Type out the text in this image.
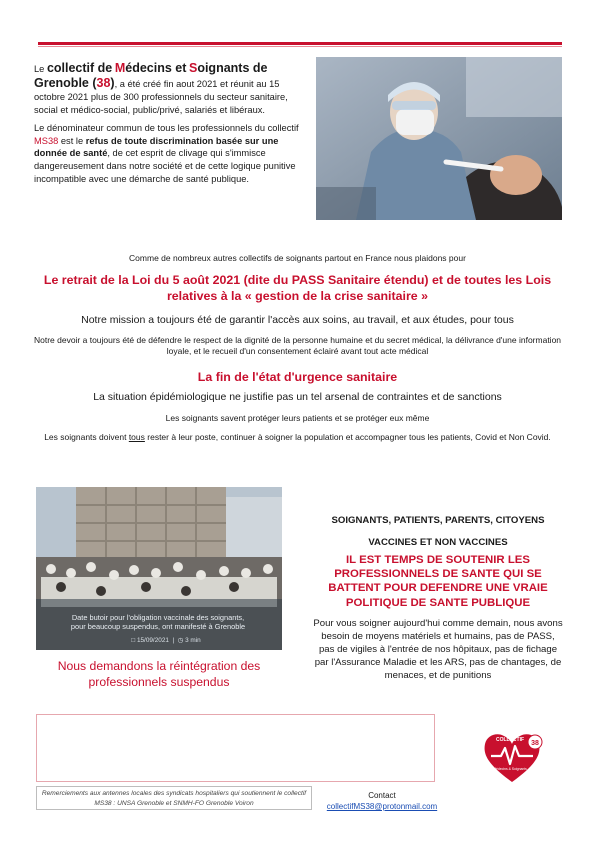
Le collectif de Médecins et Soignants de Grenoble (38), a été créé fin aout 2021 et réunit au 15 octobre 2021 plus de 300 professionnels du secteur sanitaire, social et médico-social, public/privé, salariés et libéraux.

Le dénominateur commun de tous les professionnels du collectif MS38 est le refus de toute discrimination basée sur une donnée de santé, de cet esprit de clivage qui s'immisce dangereusement dans notre société et de cette logique punitive incompatible avec une démarche de santé publique.

Comme de nombreux autres collectifs de soignants partout en France nous plaidons pour
Le retrait de la Loi du 5 août 2021 (dite du PASS Sanitaire étendu) et de toutes les Lois relatives à la « gestion de la crise sanitaire »
Notre mission a toujours été de garantir l'accès aux soins, au travail, et aux études, pour tous
Notre devoir a toujours été de défendre le respect de la dignité de la personne humaine et du secret médical, la délivrance d'une information loyale, et le recueil d'un consentement éclairé avant tout acte médical
La fin de l'état d'urgence sanitaire
La situation épidémiologique ne justifie pas un tel arsenal de contraintes et de sanctions
Les soignants savent protéger leurs patients et se protéger eux même
Les soignants doivent tous rester à leur poste, continuer à soigner la population et accompagner tous les patients, Covid et Non Covid.
Date butoir pour l'obligation vaccinale des soignants,
pour beaucoup suspendus, ont manifesté à Grenoble
□ 15/09/2021  |  ◷ 3 min
Nous demandons la réintégration des professionnels suspendus
SOIGNANTS, PATIENTS, PARENTS, CITOYENS
VACCINES ET NON VACCINES
IL EST TEMPS DE SOUTENIR LES PROFESSIONNELS DE SANTE QUI SE BATTENT POUR DEFENDRE UNE VRAIE POLITIQUE DE SANTE PUBLIQUE
Pour vous soigner aujourd'hui comme demain, nous avons besoin de moyens matériels et humains, pas de PASS, pas de vigiles à l'entrée de nos hôpitaux, pas de fichage par l'Assurance Maladie et les ARS, pas de chantages, de menaces, et de punitions
Remerciements aux antennes locales des syndicats hospitaliers qui soutiennent le collectif MS38 : UNSA Grenoble et SNMH-FO Grenoble Voiron
Contact
collectifMS38@protonmail.com
38
COLLECTIF
Médecins & Soignants
